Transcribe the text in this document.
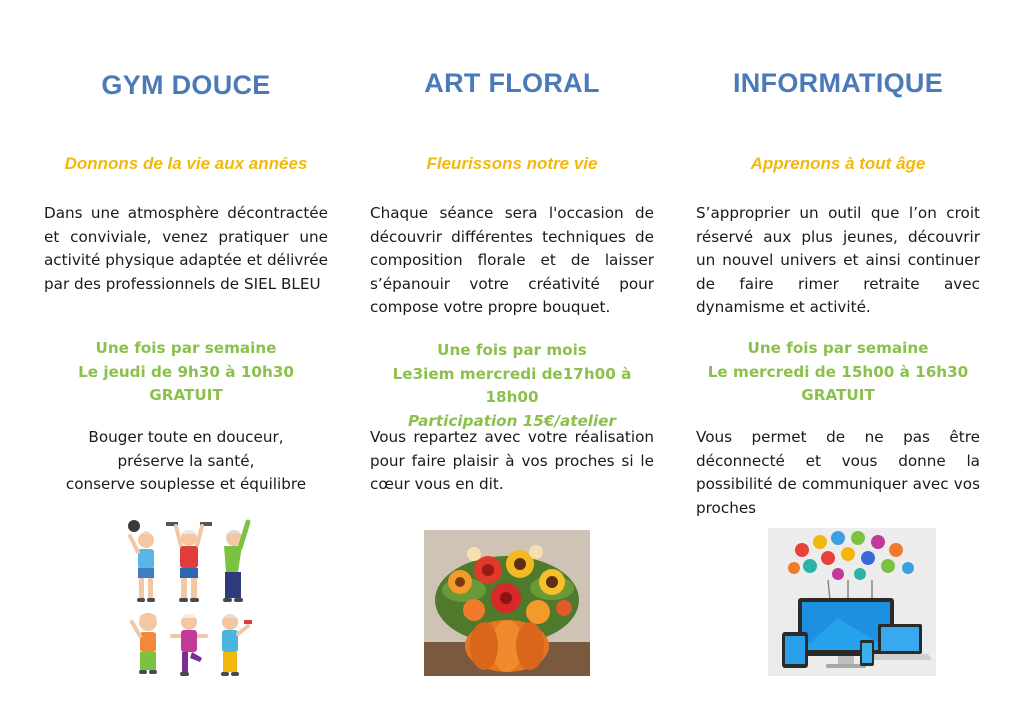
GYM DOUCE
Donnons de la vie aux années

Dans une atmosphère décontractée et conviviale, venez pratiquer une activité physique adaptée et délivrée par des professionnels de SIEL BLEU

Une fois par semaine
Le jeudi de 9h30 à 10h30
GRATUIT
Bouger toute en douceur,
préserve la santé,
conserve souplesse et équilibre
ART FLORAL
Fleurissons notre vie

Chaque séance sera l'occasion de découvrir différentes techniques de composition florale et de laisser s’épanouir votre créativité pour compose votre propre bouquet.

Une fois par mois
Le3iem mercredi de17h00 à 18h00
Participation 15€/atelier

Vous repartez avec votre réalisation pour faire plaisir à vos proches si le cœur vous en dit.

INFORMATIQUE
Apprenons à tout âge

S’approprier un outil que l’on croit réservé aux plus jeunes, découvrir un nouvel univers et ainsi continuer de faire rimer retraite avec dynamisme et activité.

Une fois par semaine
Le mercredi de 15h00 à 16h30
GRATUIT

Vous permet de ne pas être déconnecté et vous donne la possibilité de communiquer avec vos proches
